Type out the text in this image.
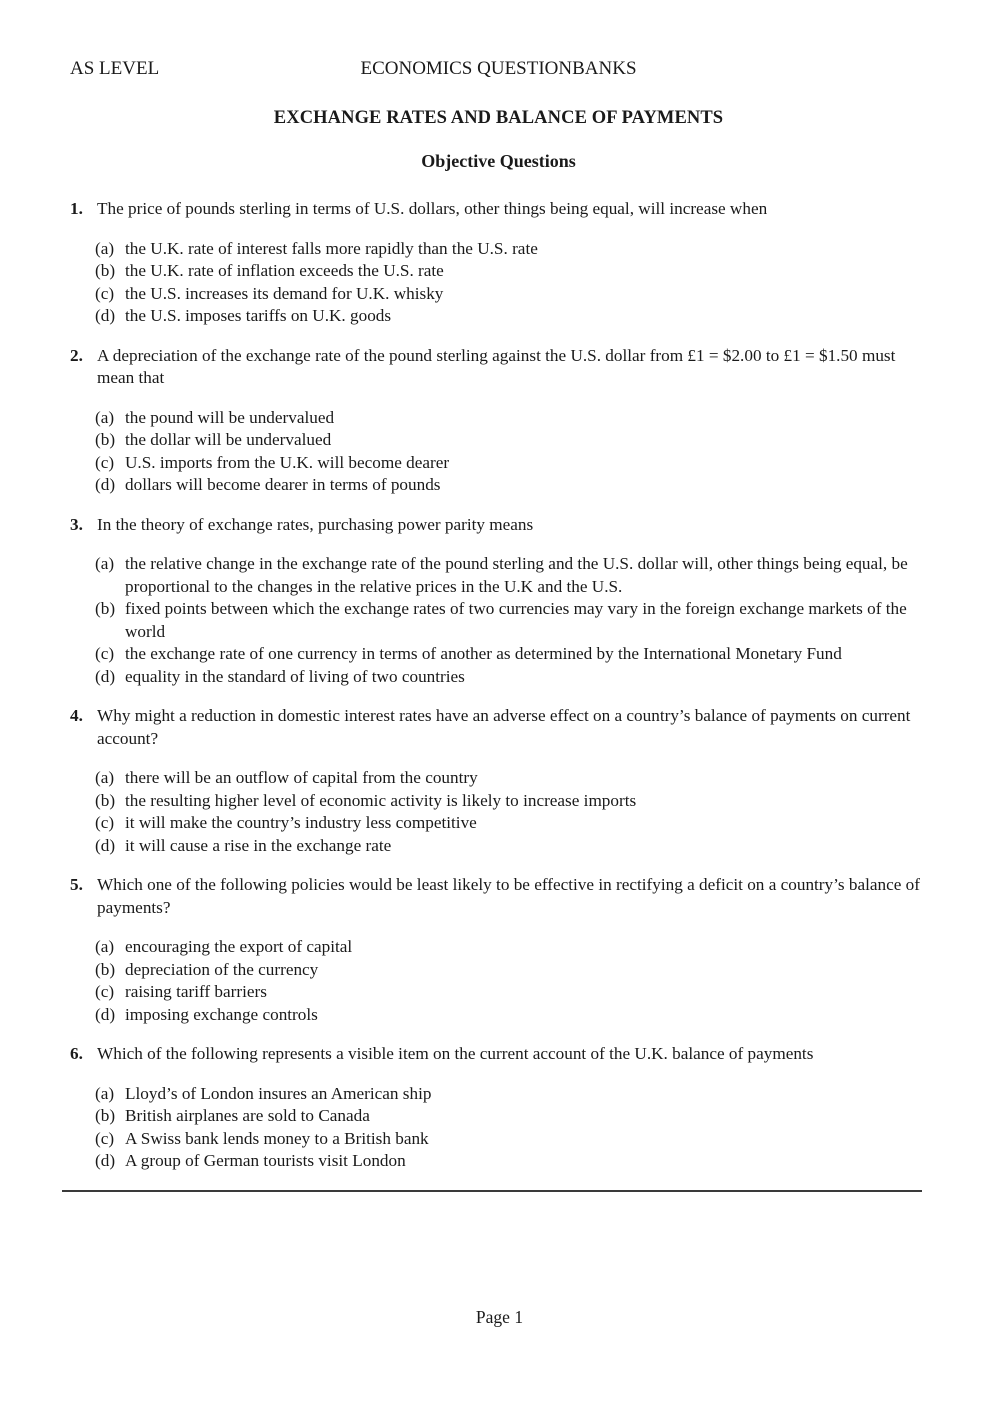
AS LEVEL	ECONOMICS QUESTIONBANKS
EXCHANGE RATES AND BALANCE OF PAYMENTS
Objective Questions
1. The price of pounds sterling in terms of U.S. dollars, other things being equal, will increase when
(a) the U.K. rate of interest falls more rapidly than the U.S. rate
(b) the U.K. rate of inflation exceeds the U.S. rate
(c) the U.S. increases its demand for U.K. whisky
(d) the U.S. imposes tariffs on U.K. goods
2. A depreciation of the exchange rate of the pound sterling against the U.S. dollar from £1 = $2.00 to £1 = $1.50 must mean that
(a) the pound will be undervalued
(b) the dollar will be undervalued
(c) U.S. imports from the U.K. will become dearer
(d) dollars will become dearer in terms of pounds
3. In the theory of exchange rates, purchasing power parity means
(a) the relative change in the exchange rate of the pound sterling and the U.S. dollar will, other things being equal, be proportional to the changes in the relative prices in the U.K and the U.S.
(b) fixed points between which the exchange rates of two currencies may vary in the foreign exchange markets of the world
(c) the exchange rate of one currency in terms of another as determined by the International Monetary Fund
(d) equality in the standard of living of two countries
4. Why might a reduction in domestic interest rates have an adverse effect on a country’s balance of payments on current account?
(a) there will be an outflow of capital from the country
(b) the resulting higher level of economic activity is likely to increase imports
(c) it will make the country’s industry less competitive
(d) it will cause a rise in the exchange rate
5. Which one of the following policies would be least likely to be effective in rectifying a deficit on a country’s balance of payments?
(a) encouraging the export of capital
(b) depreciation of the currency
(c) raising tariff barriers
(d) imposing exchange controls
6. Which of the following represents a visible item on the current account of the U.K. balance of payments
(a) Lloyd’s of London insures an American ship
(b) British airplanes are sold to Canada
(c) A Swiss bank lends money to a British bank
(d) A group of German tourists visit London
Page 1
